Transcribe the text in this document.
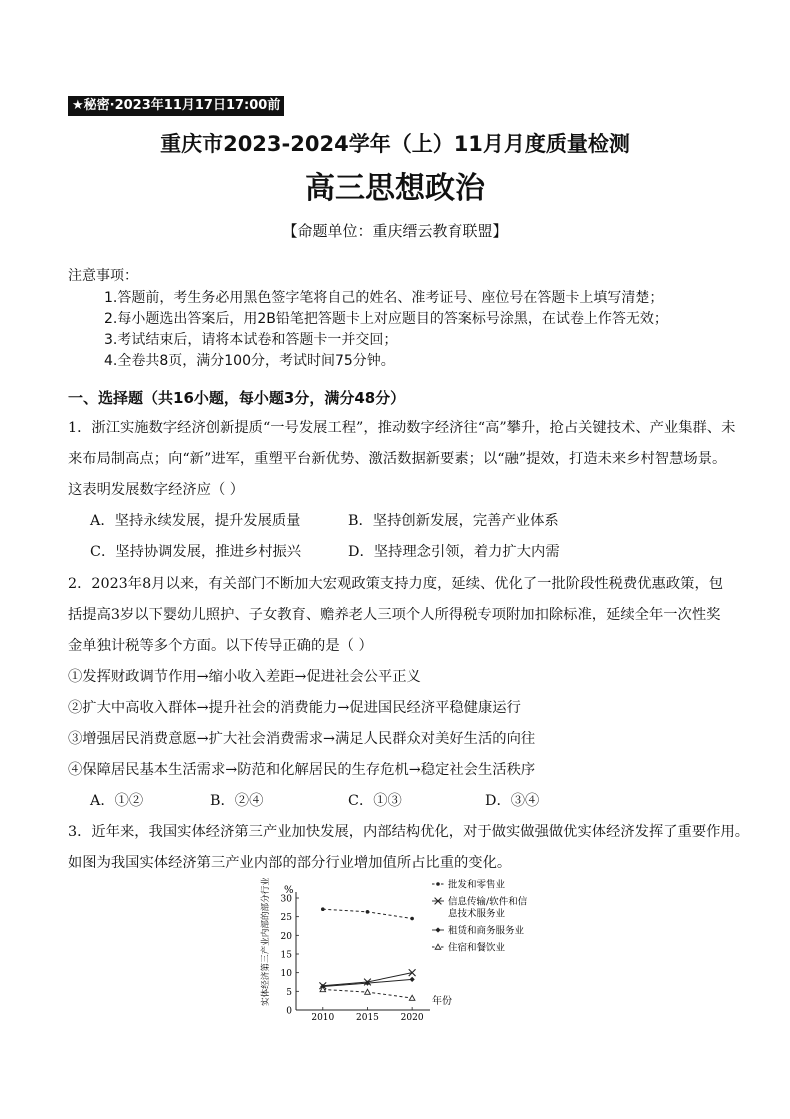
★秘密·2023年11月17日17:00前
重庆市2023-2024学年（上）11月月度质量检测
高三思想政治
【命题单位：重庆缙云教育联盟】
注意事项：
1.答题前，考生务必用黑色签字笔将自己的姓名、准考证号、座位号在答题卡上填写清楚；
2.每小题选出答案后，用2B铅笔把答题卡上对应题目的答案标号涂黑，在试卷上作答无效；
3.考试结束后，请将本试卷和答题卡一并交回；
4.全卷共8页，满分100分，考试时间75分钟。
一、选择题（共16小题，每小题3分，满分48分）
1．浙江实施数字经济创新提质“一号发展工程”，推动数字经济往“高”攀升，抢占关键技术、产业集群、未
来布局制高点；向“新”进军，重塑平台新优势、激活数据新要素；以“融”提效，打造未来乡村智慧场景。
这表明发展数字经济应（ ）
A．坚持永续发展，提升发展质量	B．坚持创新发展，完善产业体系
C．坚持协调发展，推进乡村振兴	D．坚持理念引领，着力扩大内需
2．2023年8月以来，有关部门不断加大宏观政策支持力度，延续、优化了一批阶段性税费优惠政策，包
括提高3岁以下婴幼儿照护、子女教育、赡养老人三项个人所得税专项附加扣除标准，延续全年一次性奖
金单独计税等多个方面。以下传导正确的是（ ）
①发挥财政调节作用→缩小收入差距→促进社会公平正义
②扩大中高收入群体→提升社会的消费能力→促进国民经济平稳健康运行
③增强居民消费意愿→扩大社会消费需求→满足人民群众对美好生活的向往
④保障居民基本生活需求→防范和化解居民的生存危机→稳定社会生活秩序
A．①②	B．②④	C．①③	D．③④
3．近年来，我国实体经济第三产业加快发展，内部结构优化，对于做实做强做优实体经济发挥了重要作用。
如图为我国实体经济第三产业内部的部分行业增加值所占比重的变化。
0
5
10
15
20
25
30
2010 2015 2020
批发和零售业
信息传输/软件和信息技术服务业
租赁和商务服务业
住宿和餐饮业
%
年份
实体经济第三产业内部的部分行业增加值所占比重
